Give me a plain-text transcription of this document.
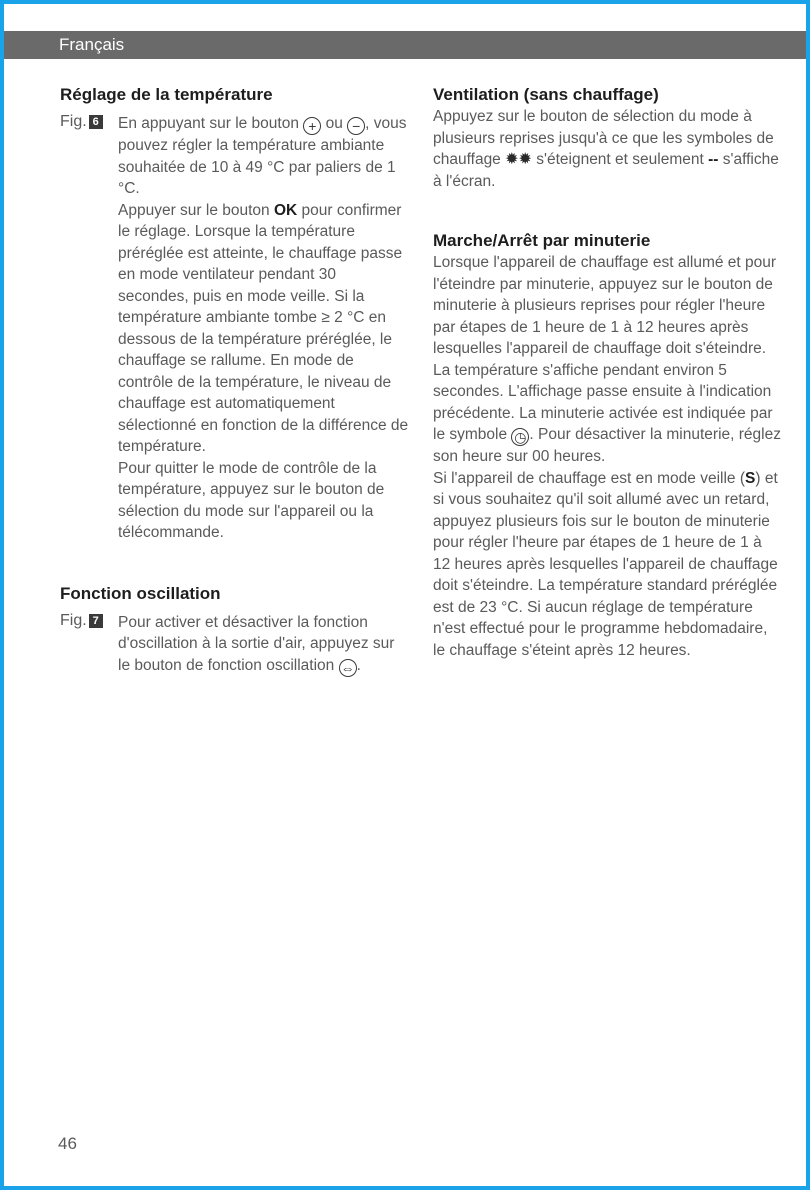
Français
Réglage de la température
Fig. 6 En appuyant sur le bouton + ou − , vous pouvez régler la température ambiante souhaitée de 10 à 49 °C par paliers de 1 °C.

Appuyer sur le bouton OK pour confirmer le réglage. Lorsque la température préréglée est atteinte, le chauffage passe en mode ventilateur pendant 30 secondes, puis en mode veille. Si la température ambiante tombe ≥ 2 °C en dessous de la température préréglée, le chauffage se rallume. En mode de contrôle de la température, le niveau de chauffage est automatiquement sélectionné en fonction de la différence de température.

Pour quitter le mode de contrôle de la température, appuyez sur le bouton de sélection du mode sur l'appareil ou la télécommande.

Fonction oscillation
Fig. 7 Pour activer et désactiver la fonction d'oscillation à la sortie d'air, appuyez sur le bouton de fonction oscillation ⇔ .

Ventilation (sans chauffage)

Appuyez sur le bouton de sélection du mode à plusieurs reprises jusqu'à ce que les symboles de chauffage ✹✹ s'éteignent et seulement -- s'affiche à l'écran.

Marche/Arrêt par minuterie

Lorsque l'appareil de chauffage est allumé et pour l'éteindre par minuterie, appuyez sur le bouton de minuterie à plusieurs reprises pour régler l'heure par étapes de 1 heure de 1 à 12 heures après lesquelles l'appareil de chauffage doit s'éteindre. La température s'affiche pendant environ 5 secondes. L'affichage passe ensuite à l'indication précédente. La minuterie activée est indiquée par le symbole ◷ . Pour désactiver la minuterie, réglez son heure sur 00 heures.

Si l'appareil de chauffage est en mode veille (S) et si vous souhaitez qu'il soit allumé avec un retard, appuyez plusieurs fois sur le bouton de minuterie pour régler l'heure par étapes de 1 heure de 1 à 12 heures après lesquelles l'appareil de chauffage doit s'éteindre. La température standard préréglée est de 23 °C. Si aucun réglage de température n'est effectué pour le programme hebdomadaire, le chauffage s'éteint après 12 heures.

46
